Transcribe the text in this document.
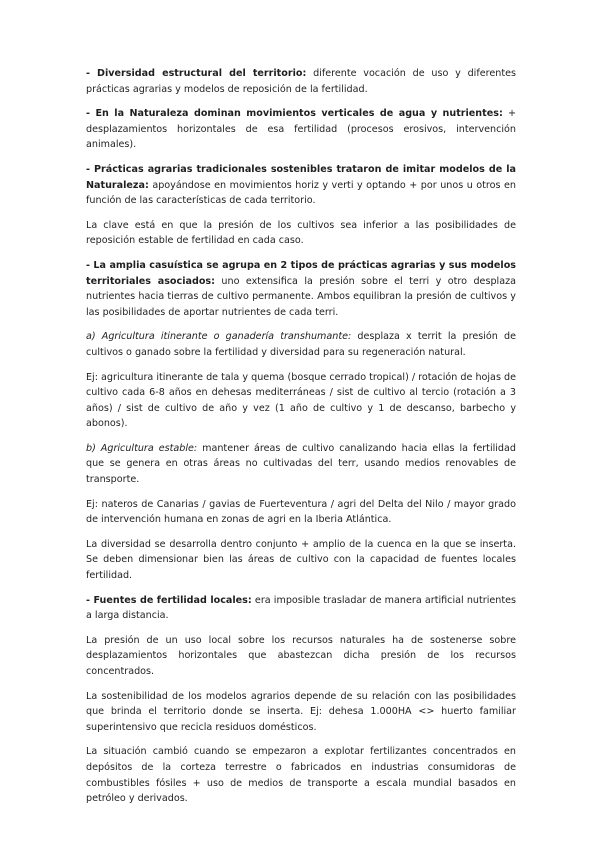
- Diversidad estructural del territorio: diferente vocación de uso y diferentes prácticas agrarias y modelos de reposición de la fertilidad.

- En la Naturaleza dominan movimientos verticales de agua y nutrientes: + desplazamientos horizontales de esa fertilidad (procesos erosivos, intervención animales).

- Prácticas agrarias tradicionales sostenibles trataron de imitar modelos de la Naturaleza: apoyándose en movimientos horiz y verti y optando + por unos u otros en función de las características de cada territorio.

La clave está en que la presión de los cultivos sea inferior a las posibilidades de reposición estable de fertilidad en cada caso.

- La amplia casuística se agrupa en 2 tipos de prácticas agrarias y sus modelos territoriales asociados: uno extensifica la presión sobre el terri y otro desplaza nutrientes hacia tierras de cultivo permanente. Ambos equilibran la presión de cultivos y las posibilidades de aportar nutrientes de cada terri.

a) Agricultura itinerante o ganadería transhumante: desplaza x territ la presión de cultivos o ganado sobre la fertilidad y diversidad para su regeneración natural.

Ej: agricultura itinerante de tala y quema (bosque cerrado tropical) / rotación de hojas de cultivo cada 6-8 años en dehesas mediterráneas / sist de cultivo al tercio (rotación a 3 años) / sist de cultivo de año y vez (1 año de cultivo y 1 de descanso, barbecho y abonos).

b) Agricultura estable: mantener áreas de cultivo canalizando hacia ellas la fertilidad que se genera en otras áreas no cultivadas del terr, usando medios renovables de transporte.

Ej: nateros de Canarias / gavias de Fuerteventura / agri del Delta del Nilo / mayor grado de intervención humana en zonas de agri en la Iberia Atlántica.

La diversidad se desarrolla dentro conjunto + amplio de la cuenca en la que se inserta. Se deben dimensionar bien las áreas de cultivo con la capacidad de fuentes locales fertilidad.

- Fuentes de fertilidad locales: era imposible trasladar de manera artificial nutrientes a larga distancia.

La presión de un uso local sobre los recursos naturales ha de sostenerse sobre desplazamientos horizontales que abastezcan dicha presión de los recursos concentrados.

La sostenibilidad de los modelos agrarios depende de su relación con las posibilidades que brinda el territorio donde se inserta. Ej: dehesa 1.000HA <> huerto familiar superintensivo que recicla residuos domésticos.

La situación cambió cuando se empezaron a explotar fertilizantes concentrados en depósitos de la corteza terrestre o fabricados en industrias consumidoras de combustibles fósiles + uso de medios de transporte a escala mundial basados en petróleo y derivados.
